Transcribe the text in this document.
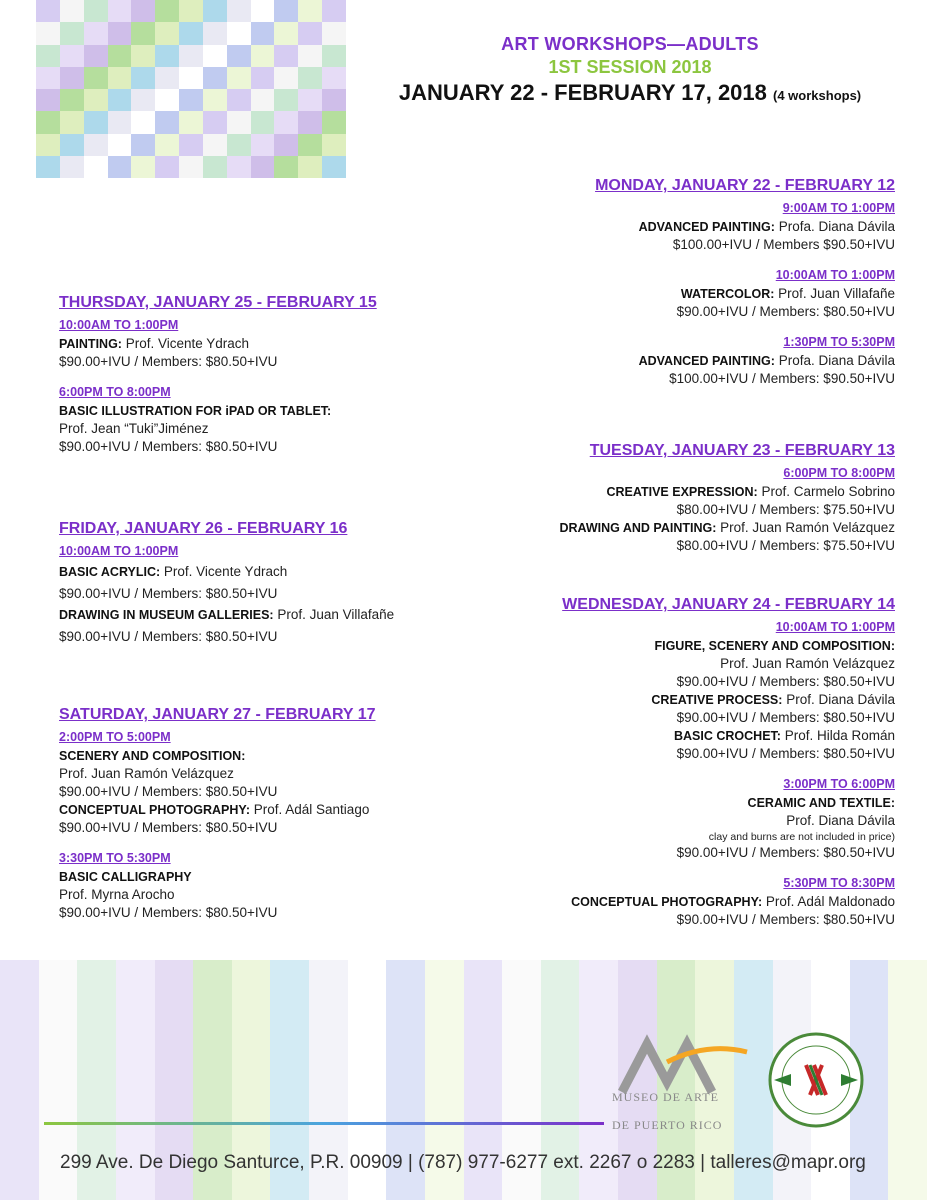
ART WORKSHOPS—ADULTS
1ST SESSION 2018
JANUARY 22 - FEBRUARY 17, 2018 (4 workshops)
MONDAY, JANUARY 22 - FEBRUARY 12
9:00AM TO 1:00PM
ADVANCED PAINTING: Profa. Diana Dávila
$100.00+IVU / Members $90.50+IVU
10:00AM TO 1:00PM
WATERCOLOR: Prof. Juan Villafañe
$90.00+IVU / Members: $80.50+IVU
1:30PM TO 5:30PM
ADVANCED PAINTING: Profa. Diana Dávila
$100.00+IVU / Members: $90.50+IVU
TUESDAY, JANUARY 23 - FEBRUARY 13
6:00PM TO 8:00PM
CREATIVE EXPRESSION: Prof. Carmelo Sobrino
$80.00+IVU / Members: $75.50+IVU
DRAWING AND PAINTING: Prof. Juan Ramón Velázquez
$80.00+IVU / Members: $75.50+IVU
WEDNESDAY, JANUARY 24 - FEBRUARY 14
10:00AM TO 1:00PM
FIGURE, SCENERY AND COMPOSITION:
Prof. Juan Ramón Velázquez
$90.00+IVU / Members: $80.50+IVU
CREATIVE PROCESS: Prof. Diana Dávila
$90.00+IVU / Members: $80.50+IVU
BASIC CROCHET: Prof. Hilda Román
$90.00+IVU / Members: $80.50+IVU
3:00PM TO 6:00PM
CERAMIC AND TEXTILE:
Prof. Diana Dávila
clay and burns are not included in price)
$90.00+IVU / Members: $80.50+IVU
5:30PM TO 8:30PM
CONCEPTUAL PHOTOGRAPHY: Prof. Adál Maldonado
$90.00+IVU / Members: $80.50+IVU
THURSDAY, JANUARY 25 - FEBRUARY 15
10:00AM TO 1:00PM
PAINTING: Prof. Vicente Ydrach
$90.00+IVU / Members: $80.50+IVU
6:00PM TO 8:00PM
BASIC ILLUSTRATION FOR iPAD OR TABLET:
Prof. Jean “Tuki”Jiménez
$90.00+IVU / Members: $80.50+IVU
FRIDAY, JANUARY 26 - FEBRUARY 16
10:00AM TO 1:00PM
BASIC ACRYLIC: Prof. Vicente Ydrach
$90.00+IVU / Members: $80.50+IVU
DRAWING IN MUSEUM GALLERIES: Prof. Juan Villafañe
$90.00+IVU / Members: $80.50+IVU
SATURDAY, JANUARY 27 - FEBRUARY 17
2:00PM TO 5:00PM
SCENERY AND COMPOSITION:
Prof. Juan Ramón Velázquez
$90.00+IVU / Members: $80.50+IVU
CONCEPTUAL PHOTOGRAPHY: Prof. Adál Santiago
$90.00+IVU / Members: $80.50+IVU
3:30PM TO 5:30PM
BASIC CALLIGRAPHY
Prof. Myrna Arocho
$90.00+IVU / Members: $80.50+IVU
MUSEO DE ARTE
DE PUERTO RICO
299 Ave. De Diego Santurce, P.R. 00909 | (787) 977-6277 ext. 2267 o 2283 | talleres@mapr.org
